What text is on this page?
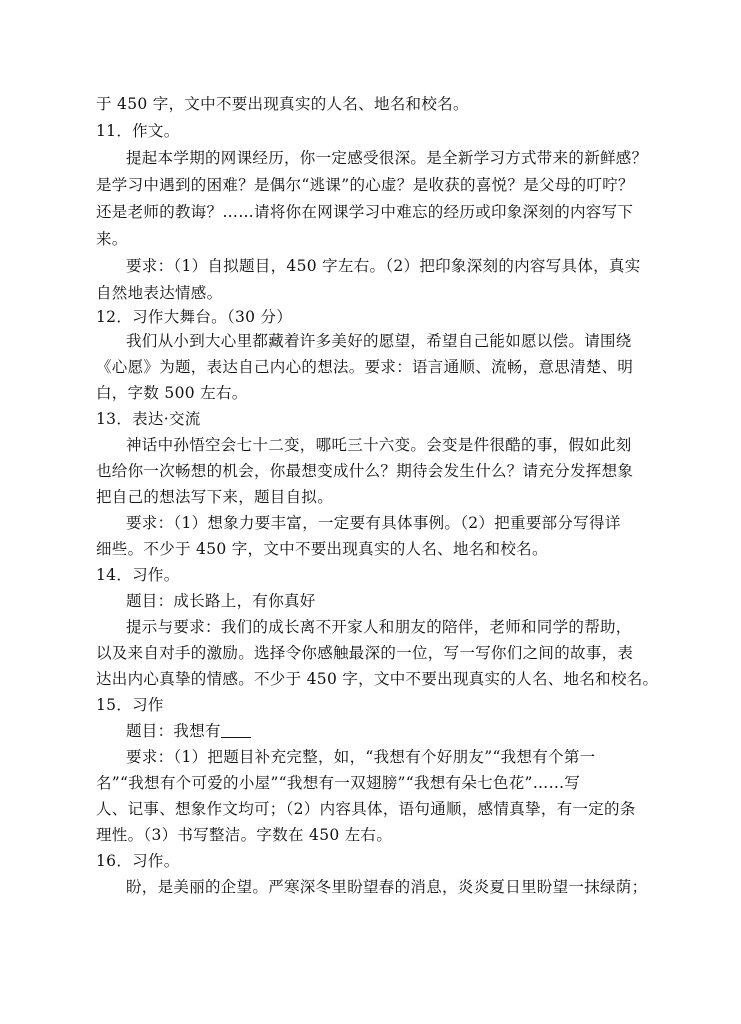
于 450 字，文中不要出现真实的人名、地名和校名。
11．作文。
提起本学期的网课经历，你一定感受很深。是全新学习方式带来的新鲜感？
是学习中遇到的困难？是偶尔“逃课”的心虚？是收获的喜悦？是父母的叮咛？
还是老师的教诲？……请将你在网课学习中难忘的经历或印象深刻的内容写下
来。
要求：（1）自拟题目，450 字左右。（2）把印象深刻的内容写具体，真实
自然地表达情感。
12．习作大舞台。（30 分）
我们从小到大心里都藏着许多美好的愿望，希望自己能如愿以偿。请围绕
《心愿》为题，表达自己内心的想法。要求：语言通顺、流畅，意思清楚、明
白，字数 500 左右。
13．表达·交流
神话中孙悟空会七十二变，哪吒三十六变。会变是件很酷的事，假如此刻
也给你一次畅想的机会，你最想变成什么？期待会发生什么？请充分发挥想象
把自己的想法写下来，题目自拟。
要求：（1）想象力要丰富，一定要有具体事例。（2）把重要部分写得详
细些。不少于 450 字，文中不要出现真实的人名、地名和校名。
14．习作。
题目：成长路上，有你真好
提示与要求：我们的成长离不开家人和朋友的陪伴，老师和同学的帮助，
以及来自对手的激励。选择令你感触最深的一位，写一写你们之间的故事，表
达出内心真挚的情感。不少于 450 字，文中不要出现真实的人名、地名和校名。
15．习作
题目：我想有
要求：（1）把题目补充完整，如，“我想有个好朋友”“我想有个第一
名”“我想有个可爱的小屋”“我想有一双翅膀”“我想有朵七色花”……写
人、记事、想象作文均可；（2）内容具体，语句通顺，感情真挚，有一定的条
理性。（3）书写整洁。字数在 450 左右。
16．习作。
盼，是美丽的企望。严寒深冬里盼望春的消息，炎炎夏日里盼望一抹绿荫；
